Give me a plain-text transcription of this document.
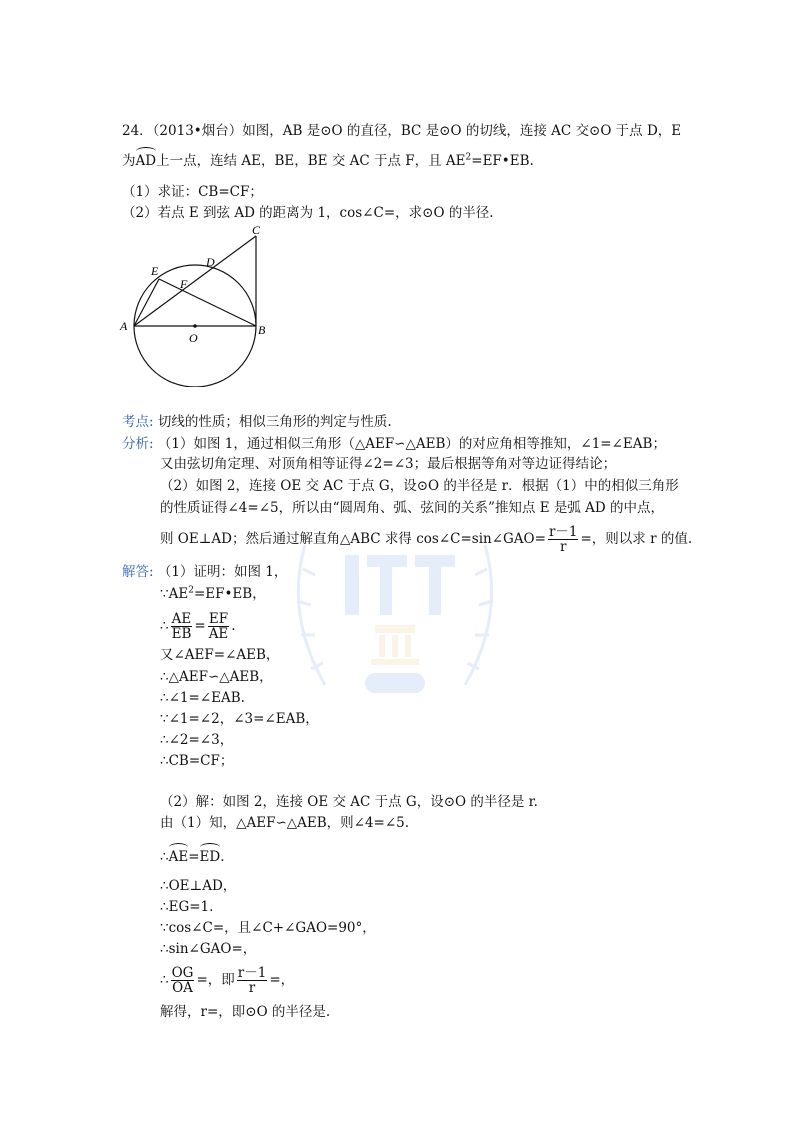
24．（2013•烟台）如图，AB 是⊙O 的直径，BC 是⊙O 的切线，连接 AC 交⊙O 于点 D，E
为AD上一点，连结 AE，BE，BE 交 AC 于点 F，且 $AE^2=EF•EB$.
（1）求证：CB=CF；
（2）若点 E 到弦 AD 的距离为 1，cos∠C=，求⊙O 的半径.
A	B
C
D
E
F
O
考点: 切线的性质；相似三角形的判定与性质.
分析: （1）如图 1，通过相似三角形（△AEF∽△AEB）的对应角相等推知，∠1=∠EAB；
又由弦切角定理、对顶角相等证得∠2=∠3；最后根据等角对等边证得结论；
（2）如图 2，连接 OE 交 AC 于点 G，设⊙O 的半径是 r．根据（1）中的相似三角形
的性质证得∠4=∠5，所以由“圆周角、弧、弦间的关系”推知点 E 是弧 AD 的中点，
则 OE⊥AD；然后通过解直角△ABC 求得 cos∠C=sin∠GAO= $\frac{r-1}{r}$ =，则以求 r 的值.
解答: （1）证明：如图 1，
$\because AE^2=EF•EB$，
∴ $\frac{AE}{EB} = \frac{EF}{AE}$ .
又∠AEF=∠AEB，
∴△AEF∽△AEB，
∴∠1=∠EAB.
∵∠1=∠2，∠3=∠EAB，
∴∠2=∠3，
∴CB=CF；
（2）解：如图 2，连接 OE 交 AC 于点 G，设⊙O 的半径是 r.
由（1）知，△AEF∽△AEB，则∠4=∠5.
∴AE=ED.
∴OE⊥AD，
∴EG=1.
∵cos∠C=，且∠C+∠GAO=90°，
∴sin∠GAO=，
∴ $\frac{OG}{OA}$ =，即 $\frac{r-1}{r}$ =，
解得，r=，即⊙O 的半径是.
